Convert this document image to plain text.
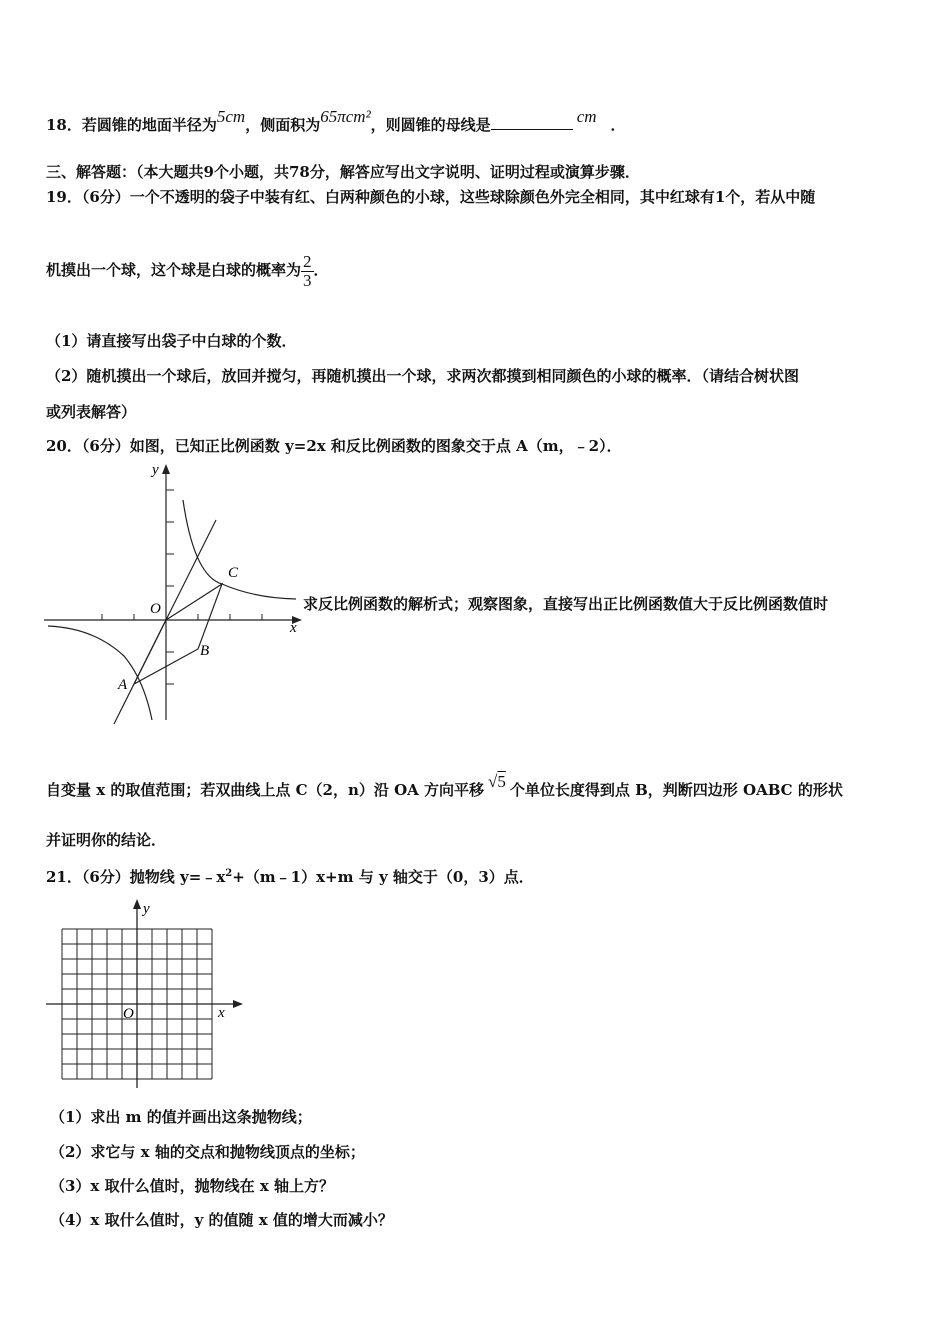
18．若圆锥的地面半径为5cm，侧面积为65πcm²，则圆锥的母线是	cm ．
三、解答题：（本大题共9个小题，共78分，解答应写出文字说明、证明过程或演算步骤．
19．（6分）一个不透明的袋子中装有红、白两种颜色的小球，这些球除颜色外完全相同，其中红球有1个，若从中随
机摸出一个球，这个球是白球的概率为 $\frac{2}{3}$ ．
（1）请直接写出袋子中白球的个数．
（2）随机摸出一个球后，放回并搅匀，再随机摸出一个球，求两次都摸到相同颜色的小球的概率．（请结合树状图
或列表解答）
20．（6分）如图，已知正比例函数 y=2x 和反比例函数的图象交于点 A（m，﹣2）．
O
A
B
C
y
x
求反比例函数的解析式；观察图象，直接写出正比例函数值大于反比例函数值时
自变量 x 的取值范围；若双曲线上点 C（2，n）沿 OA 方向平移 √5 个单位长度得到点 B，判断四边形 OABC 的形状
并证明你的结论．
21．（6分）抛物线 $y=﹣x^2+(m﹣1)x+m$ 与 y 轴交于（0，3）点．
y
x
O
（1）求出 m 的值并画出这条抛物线；
（2）求它与 x 轴的交点和抛物线顶点的坐标；
（3）x 取什么值时，抛物线在 x 轴上方？
（4）x 取什么值时，y 的值随 x 值的增大而减小？
